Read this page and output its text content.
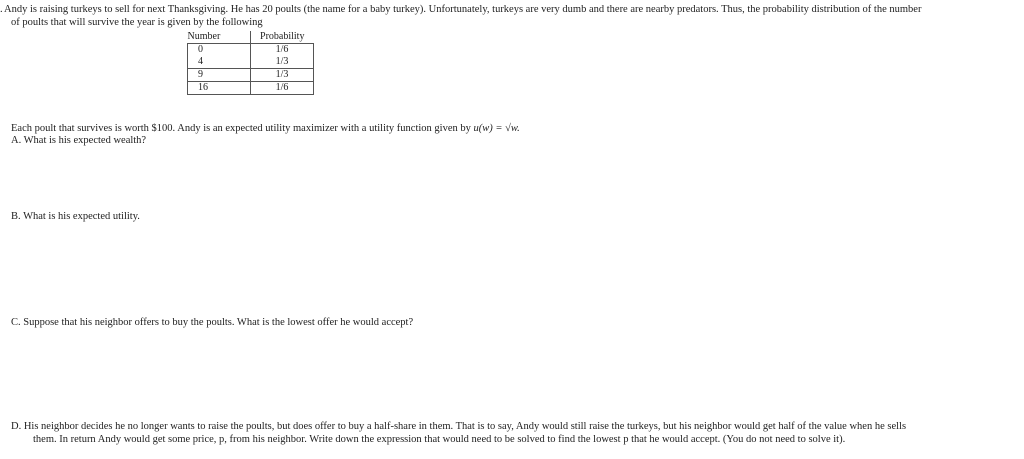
. Andy is raising turkeys to sell for next Thanksgiving. He has 20 poults (the name for a baby turkey). Unfortunately, turkeys are very dumb and there are nearby predators. Thus, the probability distribution of the number
of poults that will survive the year is given by the following
Number	Probability
0	1/6
4	1/3
9	1/3
16	1/6
Each poult that survives is worth $100. Andy is an expected utility maximizer with a utility function given by u(w) = √w.
A. What is his expected wealth?
B. What is his expected utility.
C. Suppose that his neighbor offers to buy the poults. What is the lowest offer he would accept?
D. His neighbor decides he no longer wants to raise the poults, but does offer to buy a half-share in them. That is to say, Andy would still raise the turkeys, but his neighbor would get half of the value when he sells
them. In return Andy would get some price, p, from his neighbor. Write down the expression that would need to be solved to find the lowest p that he would accept. (You do not need to solve it).
